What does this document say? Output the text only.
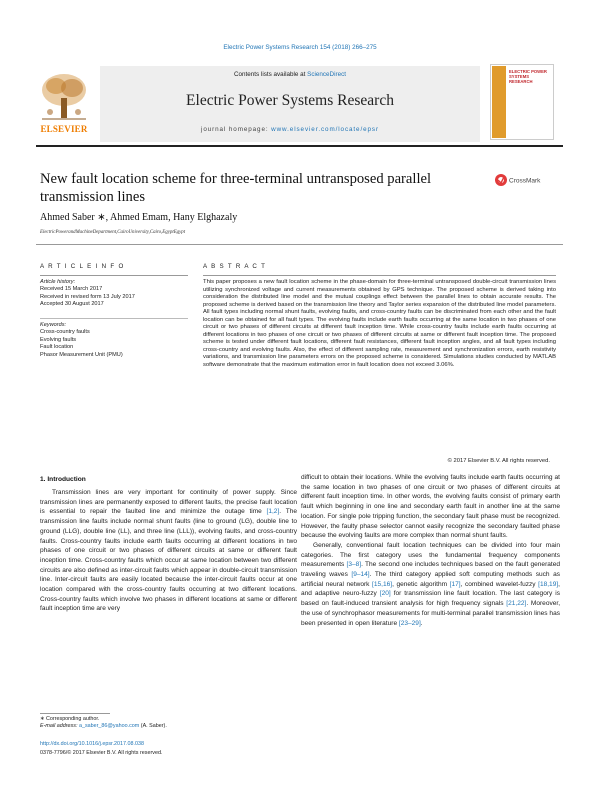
Electric Power Systems Research 154 (2018) 266–275
ELSEVIER
Contents lists available at ScienceDirect
Electric Power Systems Research
journal homepage: www.elsevier.com/locate/epsr
ELECTRIC POWER SYSTEMS RESEARCH
New fault location scheme for three-terminal untransposed parallel transmission lines
CrossMark
Ahmed Saber ∗, Ahmed Emam, Hany Elghazaly
ElectricPowerandMachineDepartment,CairoUniversity,Cairo,EgyptEgypt
A R T I C L E I N F O	A B S T R A C T
Article history:
Received 15 March 2017
Received in revised form 13 July 2017
Accepted 30 August 2017
Keywords:
Cross-country faults
Evolving faults
Fault location
Phasor Measurement Unit (PMU)
This paper proposes a new fault location scheme in the phase-domain for three-terminal untransposed double-circuit transmission lines utilizing synchronized voltage and current measurements obtained by GPS technique. The proposed scheme is derived taking into consideration the distributed line model and the mutual couplings effect between the parallel lines to obtain accurate results. The proposed scheme is derived based on the transmission line theory and Taylor series expansion of the distributed line model parameters. All fault types including normal shunt faults, evolving faults, and cross-country faults can be discriminated from each other and the fault location can be obtained for all fault types. The evolving faults include earth faults occurring at the same location in two phases of one circuit or two phases of different circuits at different fault inception time. While cross-country faults include earth faults occurring at different locations in two phases of one circuit or two phases of different circuits at same or different fault inception time. The proposed scheme is tested under different fault locations, different fault resistances, different fault inception angles, and all fault types including cross-country and evolving faults. Also, the effect of different sampling rate, measurement and synchronization errors, earth resistivity variations, and transmission line parameters errors on the proposed scheme is considered. Simulations studies conducted by MATLAB software demonstrate that the maximum estimation error in fault location does not exceed 3.06%.
© 2017 Elsevier B.V. All rights reserved.
1. Introduction

Transmission lines are very important for continuity of power supply. Since transmission lines are permanently exposed to different faults, the precise fault location is essential to repair the faulted line and minimize the outage time [1,2]. The transmission line faults include normal shunt faults (line to ground (LG), double line to ground (LLG), double line (LL), and three line (LLL)), evolving faults, and cross-country faults. Cross-country faults include earth faults occurring at different locations in two phases of one circuit or two phases of different circuits at same or different fault inception time. Cross-country faults which occur at same location between two different circuits are also defined as inter-circuit faults which appear in double-circuit transmission line. Inter-circuit faults are easily located because the inter-circuit faults occur at one location compared with the cross-country faults occurring at two different locations. Cross-country faults which involve two phases in different locations at same or different fault inception time are very

difficult to obtain their locations. While the evolving faults include earth faults occurring at the same location in two phases of one circuit or two phases of different circuits at different fault inception time. In other words, the evolving faults consist of primary earth fault which beginning in one line and secondary earth fault in another line at the same location. For single pole tripping function, the secondary fault phase must be recognized. However, the faulty phase selector cannot easily recognize the secondary faulted phase because the evolving faults are more complex than normal shunt faults.

Generally, conventional fault location techniques can be divided into four main categories. The first category uses the fundamental frequency components measurements [3–8]. The second one includes techniques based on the fault generated traveling waves [9–14]. The third category applied soft computing methods such as artificial neural network [15,16], genetic algorithm [17], combined wavelet-fuzzy [18,19], and adaptive neuro-fuzzy [20] for transmission line fault location. The last category is based on fault-induced transient analysis for high frequency signals [21,22]. Moreover, the use of synchrophasor measurements for multi-terminal parallel transmission lines has been presented in open literature [23–29].

∗ Corresponding author.
E-mail address: a_saber_86@yahoo.com (A. Saber).
http://dx.doi.org/10.1016/j.epsr.2017.08.038
0378-7796/© 2017 Elsevier B.V. All rights reserved.
